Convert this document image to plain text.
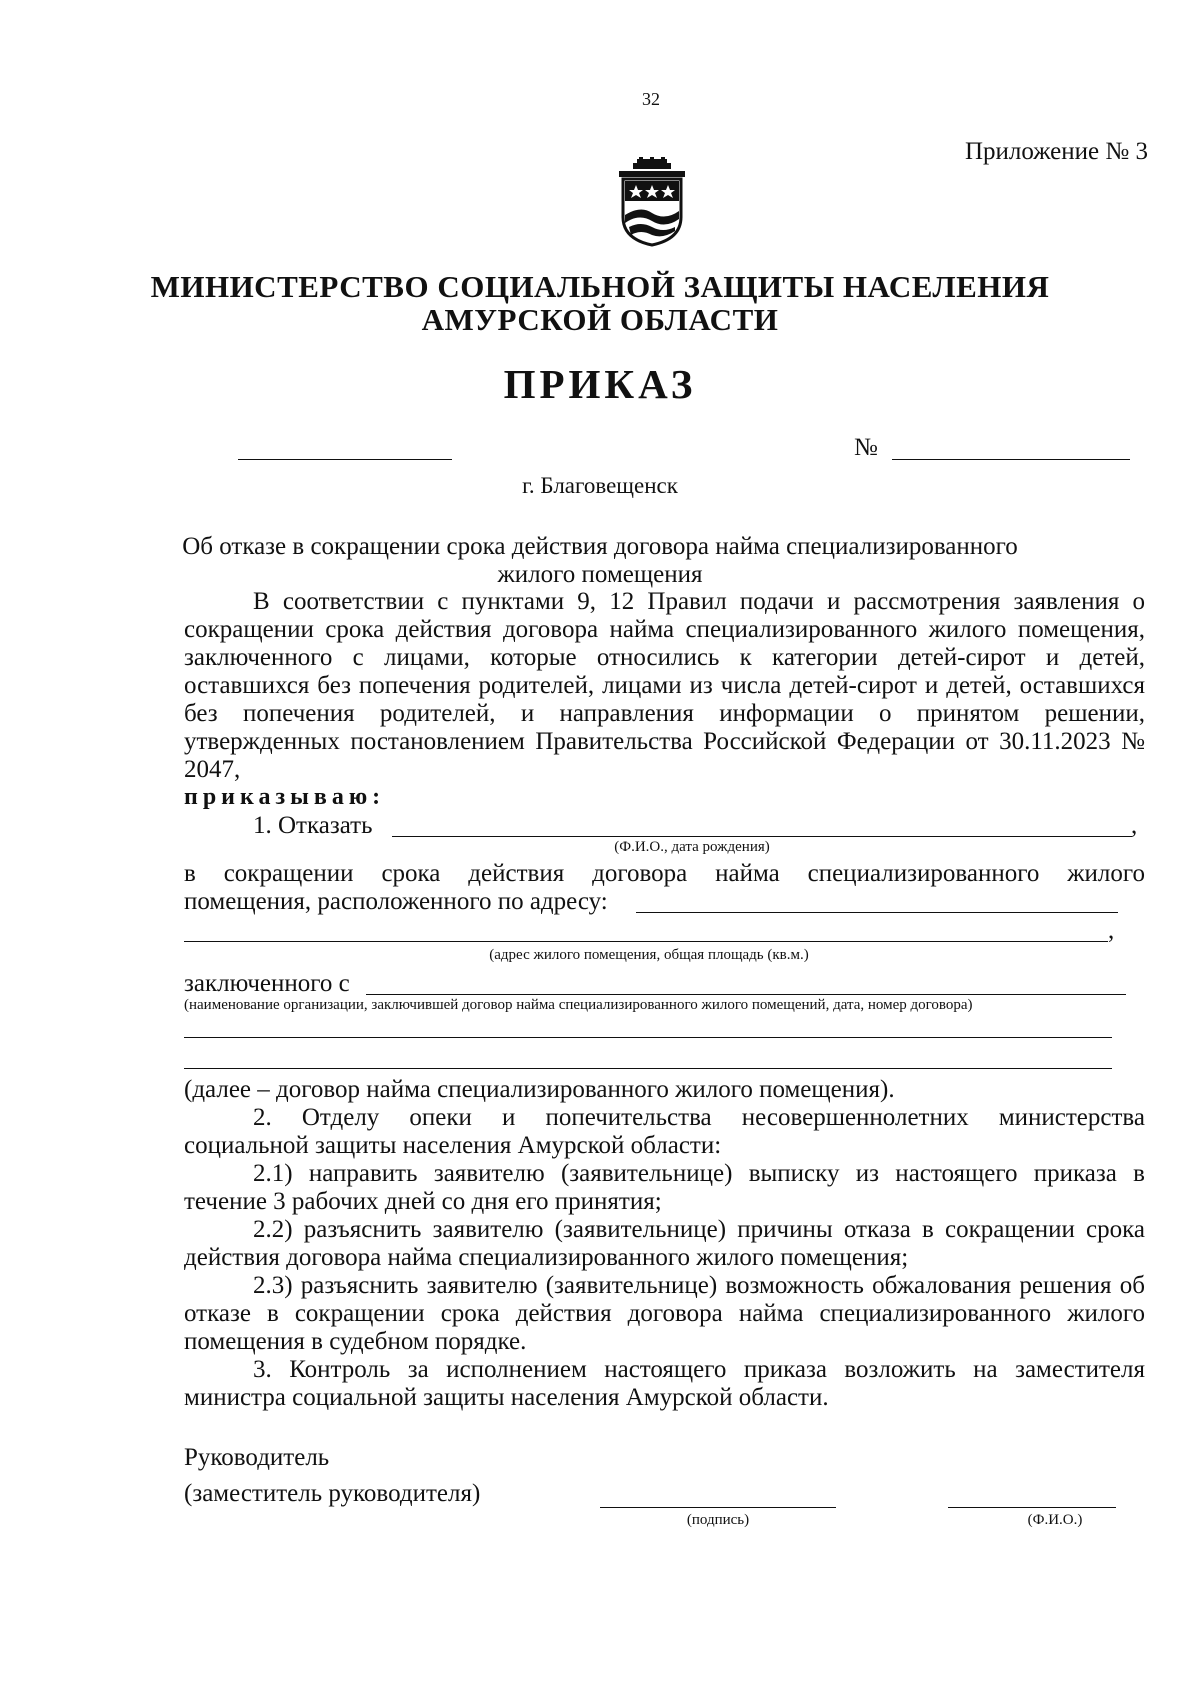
32
Приложение № 3
МИНИСТЕРСТВО СОЦИАЛЬНОЙ ЗАЩИТЫ НАСЕЛЕНИЯ
АМУРСКОЙ ОБЛАСТИ
ПРИКАЗ
№
г. Благовещенск
Об отказе в сокращении срока действия договора найма специализированного
жилого помещения
В соответствии с пунктами 9, 12 Правил подачи и рассмотрения заявления о
сокращении срока действия договора найма специализированного жилого помещения,
заключенного с лицами, которые относились к категории детей-сирот и детей,
оставшихся без попечения родителей, лицами из числа детей-сирот и детей, оставшихся
без попечения родителей, и направления информации о принятом решении,
утвержденных постановлением Правительства Российской Федерации от 30.11.2023 №
2047,
приказываю:
1. Отказать	,
(Ф.И.О., дата рождения)
в сокращении срока действия договора найма специализированного жилого
помещения, расположенного по адресу:
,
(адрес жилого помещения, общая площадь (кв.м.)
заключенного с
(наименование организации, заключившей договор найма специализированного жилого помещений, дата, номер договора)
(далее – договор найма специализированного жилого помещения).
2. Отделу опеки и попечительства несовершеннолетних министерства
социальной защиты населения Амурской области:
2.1) направить заявителю (заявительнице) выписку из настоящего приказа в
течение 3 рабочих дней со дня его принятия;
2.2) разъяснить заявителю (заявительнице) причины отказа в сокращении срока
действия договора найма специализированного жилого помещения;
2.3) разъяснить заявителю (заявительнице) возможность обжалования решения об
отказе в сокращении срока действия договора найма специализированного жилого
помещения в судебном порядке.
3. Контроль за исполнением настоящего приказа возложить на заместителя
министра социальной защиты населения Амурской области.
Руководитель
(заместитель руководителя)
(подпись)	(Ф.И.О.)
